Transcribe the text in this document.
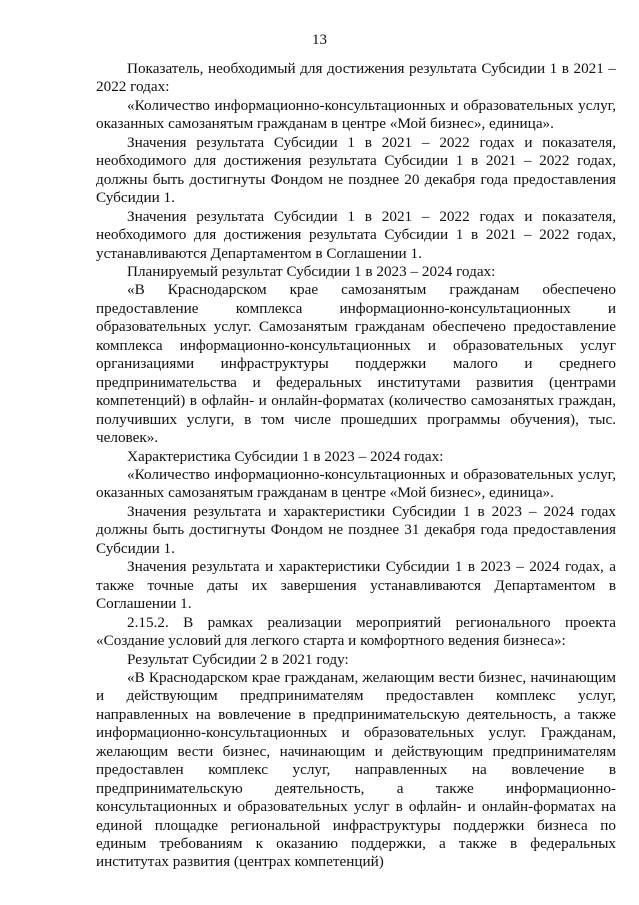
13

Показатель, необходимый для достижения результата Субсидии 1 в 2021 – 2022 годах:

«Количество информационно-консультационных и образовательных услуг, оказанных самозанятым гражданам в центре «Мой бизнес», единица».

Значения результата Субсидии 1 в 2021 – 2022 годах и показателя, необходимого для достижения результата Субсидии 1 в 2021 – 2022 годах, должны быть достигнуты Фондом не позднее 20 декабря года предоставления Субсидии 1.

Значения результата Субсидии 1 в 2021 – 2022 годах и показателя, необходимого для достижения результата Субсидии 1 в 2021 – 2022 годах, устанавливаются Департаментом в Соглашении 1.

Планируемый результат Субсидии 1 в 2023 – 2024 годах:

«В Краснодарском крае самозанятым гражданам обеспечено предоставление комплекса информационно-консультационных и образовательных услуг. Самозанятым гражданам обеспечено предоставление комплекса информационно-консультационных и образовательных услуг организациями инфраструктуры поддержки малого и среднего предпринимательства и федеральных институтами развития (центрами компетенций) в офлайн- и онлайн-форматах (количество самозанятых граждан, получивших услуги, в том числе прошедших программы обучения), тыс. человек».

Характеристика Субсидии 1 в 2023 – 2024 годах:

«Количество информационно-консультационных и образовательных услуг, оказанных самозанятым гражданам в центре «Мой бизнес», единица».

Значения результата и характеристики Субсидии 1 в 2023 – 2024 годах должны быть достигнуты Фондом не позднее 31 декабря года предоставления Субсидии 1.

Значения результата и характеристики Субсидии 1 в 2023 – 2024 годах, а также точные даты их завершения устанавливаются Департаментом в Соглашении 1.

2.15.2. В рамках реализации мероприятий регионального проекта «Создание условий для легкого старта и комфортного ведения бизнеса»:

Результат Субсидии 2 в 2021 году:

«В Краснодарском крае гражданам, желающим вести бизнес, начинающим и действующим предпринимателям предоставлен комплекс услуг, направленных на вовлечение в предпринимательскую деятельность, а также информационно-консультационных и образовательных услуг. Гражданам, желающим вести бизнес, начинающим и действующим предпринимателям предоставлен комплекс услуг, направленных на вовлечение в предпринимательскую деятельность, а также информационно-консультационных и образовательных услуг в офлайн- и онлайн-форматах на единой площадке региональной инфраструктуры поддержки бизнеса по единым требованиям к оказанию поддержки, а также в федеральных институтах развития (центрах компетенций)
